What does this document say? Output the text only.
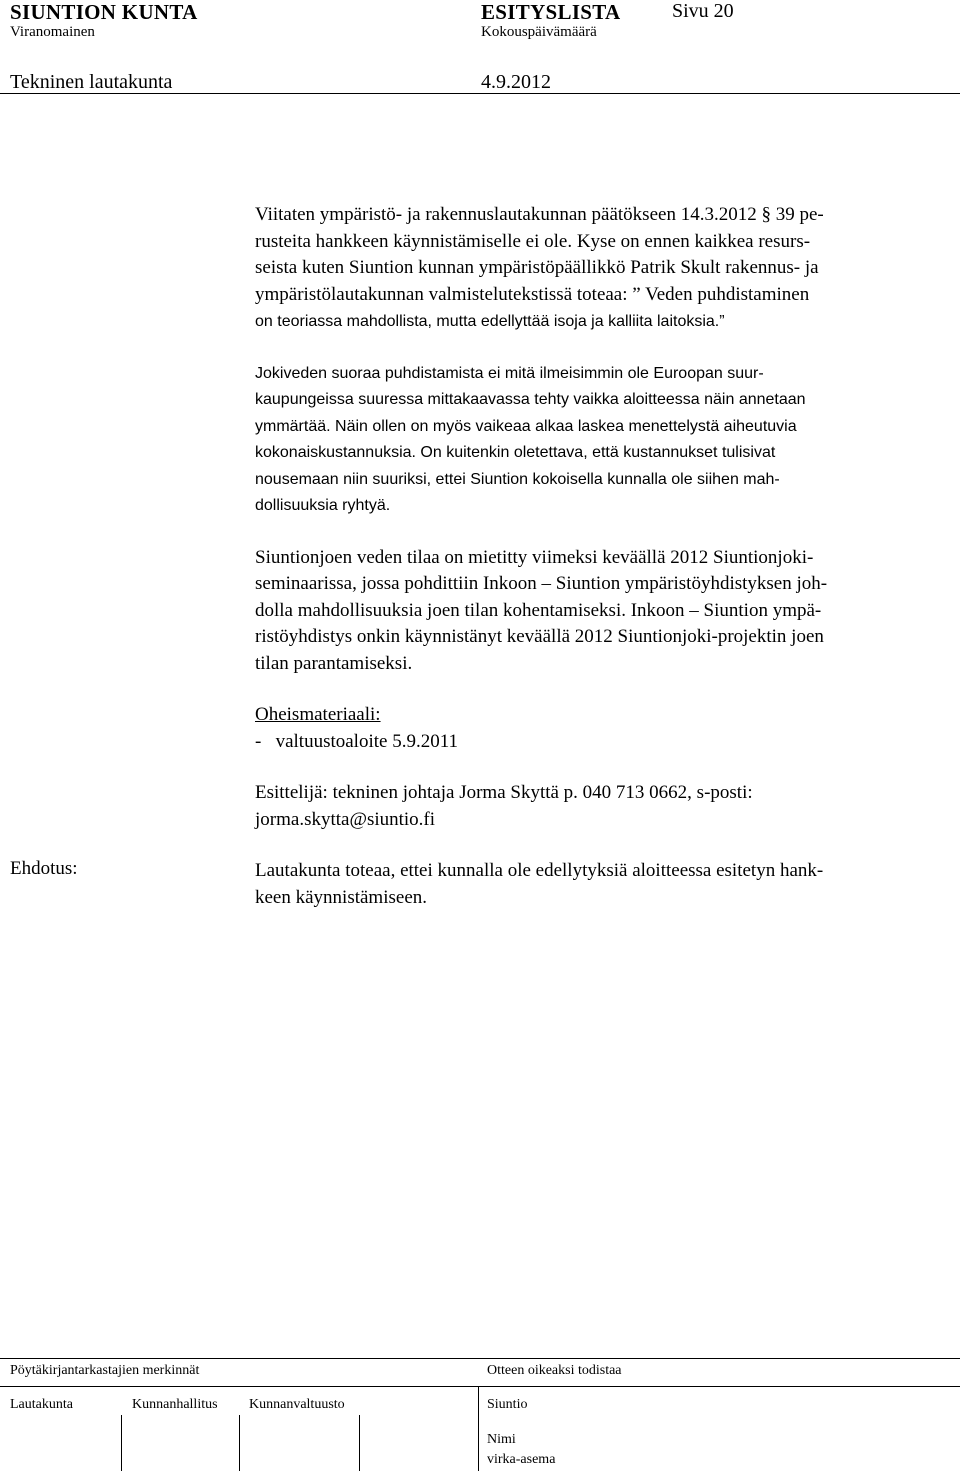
SIUNTION KUNTA	ESITYSLISTA	Sivu 20
Viranomainen	Kokouspäivämäärä
Tekninen lautakunta	4.9.2012

Viitaten ympäristö- ja rakennuslautakunnan päätökseen 14.3.2012 § 39 pe-
rusteita hankkeen käynnistämiselle ei ole. Kyse on ennen kaikkea resurs-
seista kuten Siuntion kunnan ympäristöpäällikkö Patrik Skult rakennus- ja
ympäristölautakunnan valmistelutekstissä toteaa: ” Veden puhdistaminen
on teoriassa mahdollista, mutta edellyttää isoja ja kalliita laitoksia.”

Jokiveden suoraa puhdistamista ei mitä ilmeisimmin ole Euroopan suur-
kaupungeissa suuressa mittakaavassa tehty vaikka aloitteessa näin annetaan
ymmärtää. Näin ollen on myös vaikeaa alkaa laskea menettelystä aiheutuvia
kokonaiskustannuksia. On kuitenkin oletettava, että kustannukset tulisivat
nousemaan niin suuriksi, ettei Siuntion kokoisella kunnalla ole siihen mah-
dollisuuksia ryhtyä.

Siuntionjoen veden tilaa on mietitty viimeksi keväällä 2012 Siuntionjoki-
seminaarissa, jossa pohdittiin Inkoon – Siuntion ympäristöyhdistyksen joh-
dolla mahdollisuuksia joen tilan kohentamiseksi. Inkoon – Siuntion ympä-
ristöyhdistys onkin käynnistänyt keväällä 2012 Siuntionjoki-projektin joen
tilan parantamiseksi.

Oheismateriaali:
-   valtuustoaloite 5.9.2011

Esittelijä: tekninen johtaja Jorma Skyttä p. 040 713 0662, s-posti:
jorma.skytta@siuntio.fi

Lautakunta toteaa, ettei kunnalla ole edellytyksiä aloitteessa esitetyn hank-
keen käynnistämiseen.

Ehdotus:
Pöytäkirjantarkastajien merkinnät	Otteen oikeaksi todistaa
Lautakunta	Kunnanhallitus Kunnanvaltuusto	Siuntio
Nimi
virka-asema
